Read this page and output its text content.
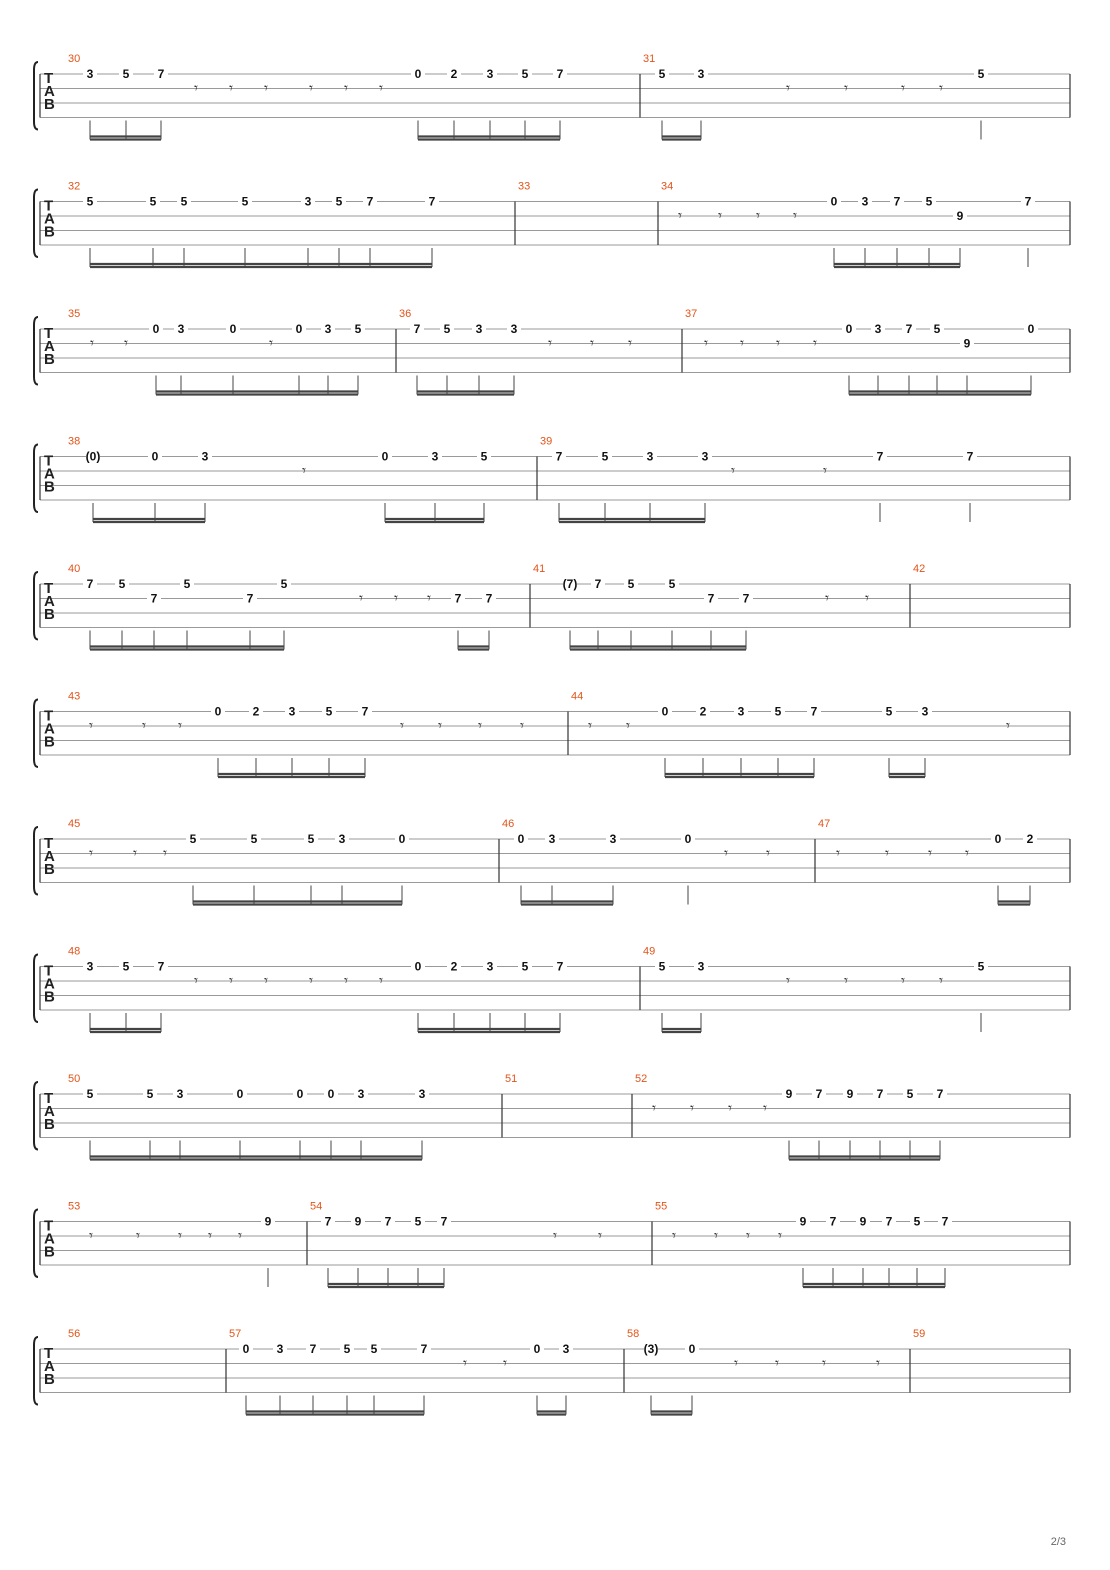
T
A
B
30
3 5 7	0 2 3 5 7
𝄾 𝄾 𝄾	𝄾 𝄾 𝄾
31
5	3	5
𝄾	𝄾	𝄾 𝄾
T
A
B
32
5	5 5	5	3 5 7	7
33	34
0 3 7 5
9
7
𝄾 𝄾 𝄾 𝄾
T
A
B
35
0 3	0	0 3 5
𝄾 𝄾	𝄾
36
7 5 3 3
𝄾	𝄾 𝄾
37
0 3 7 5
9
0
𝄾 𝄾 𝄾 𝄾
T
A
B
38
(0)	0	3	0	3	5
𝄾
39
7	5	3	3	7	7
𝄾	𝄾
T
A
B
40
7 5
7
5
7
5
7 7
𝄾 𝄾 𝄾
41
(7) 7 5	5
7 7	𝄾 𝄾
42
T
A
B
43
0	2 3	5 7
𝄾	𝄾 𝄾	𝄾 𝄾 𝄾	𝄾
44
0	2	3	5 7	5 3
𝄾 𝄾	𝄾
T
A
B
45
5	5	5 3	0
𝄾	𝄾 𝄾
46
0 3	3	0
𝄾	𝄾
47
0 2
𝄾	𝄾	𝄾 𝄾
T
A
B
48
3 5 7	0 2 3 5 7
𝄾 𝄾 𝄾	𝄾 𝄾 𝄾
49
5	3	5
𝄾	𝄾	𝄾 𝄾
T
A
B
50
5	5 3	0	0 0 3	3
51	52
9 7 9 7 5 7
𝄾 𝄾 𝄾 𝄾
T
A
B
53
9
𝄾	𝄾	𝄾 𝄾 𝄾
54
7 9 7 5 7
𝄾	𝄾
55
9 7 9 7 5 7
𝄾	𝄾 𝄾 𝄾
T
A
B
56	57
0 3 7 5 5	7	0 3
𝄾 𝄾
58
(3)	0
𝄾 𝄾	𝄾	𝄾
59
2/3
